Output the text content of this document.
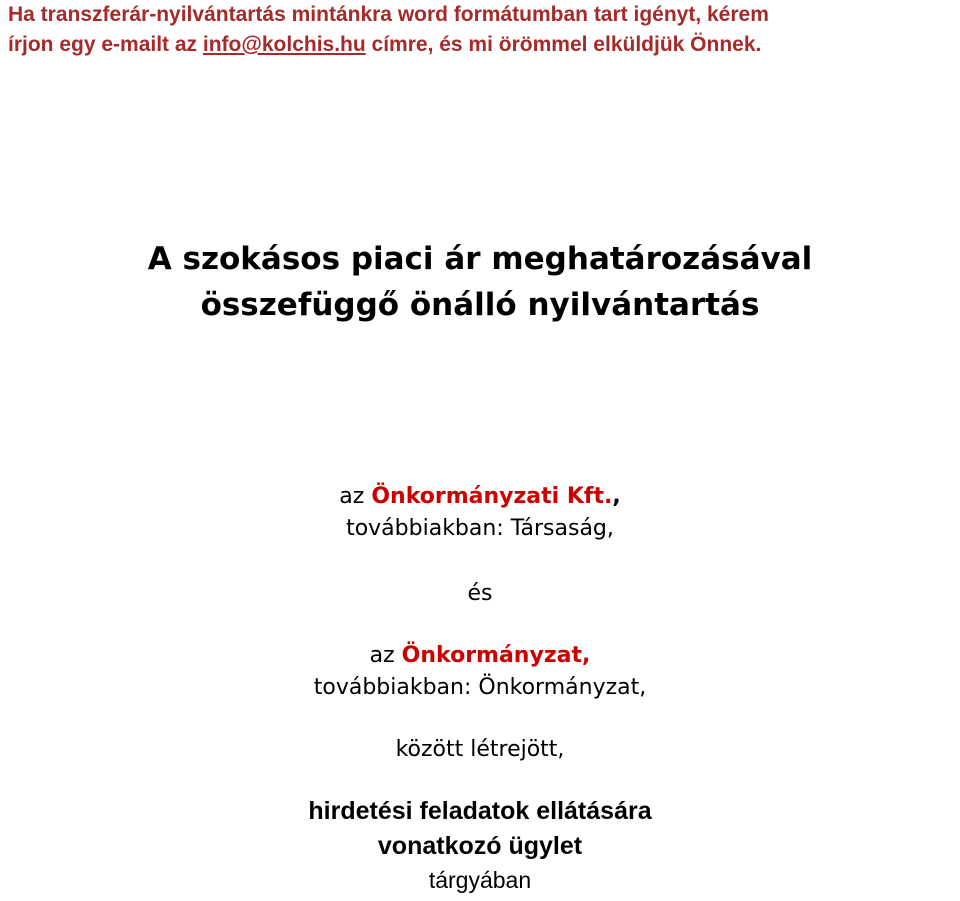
Ha transzferár-nyilvántartás mintánkra word formátumban tart igényt, kérem
írjon egy e-mailt az info@kolchis.hu címre, és mi örömmel elküldjük Önnek.
A szokásos piaci ár meghatározásával
összefüggő önálló nyilvántartás
az Önkormányzati Kft.,
továbbiakban: Társaság,
és
az Önkormányzat,
továbbiakban: Önkormányzat,
között létrejött,
hirdetési feladatok ellátására
vonatkozó ügylet
tárgyában
